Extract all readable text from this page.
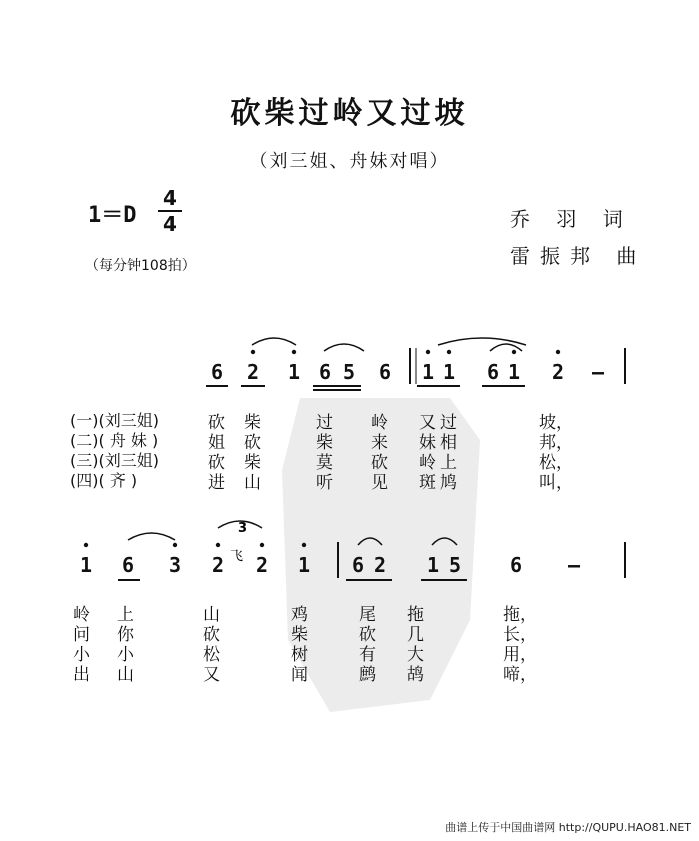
砍柴过岭又过坡
（刘三姐、舟妹对唱）
1＝D
4
4
（每分钟108拍）
乔 羽 词
雷振邦 曲
6 2 1 6 5 6 1 1 6 1 2 —
(一)(刘三姐)	砍 柴	过 岭 又 过	坡，
(二)( 舟 妹 )	姐 砍	柴 来 妹 相	邦，
(三)(刘三姐)	砍 柴	莫 砍 岭 上	松，
(四)( 齐 )	进 山	听 见 斑 鸠	叫，
1 6 3 2 2 1 6 2 1 5 6 —
岭 上	山	鸡	尾 拖	拖，
问 你	砍	柴	砍 几	长，
小 小	松	树	有 大	用，
出 山	又	闻	鹧 鸪	啼，
3
飞
曲谱上传于中国曲谱网 http://QUPU.HAO81.NET
